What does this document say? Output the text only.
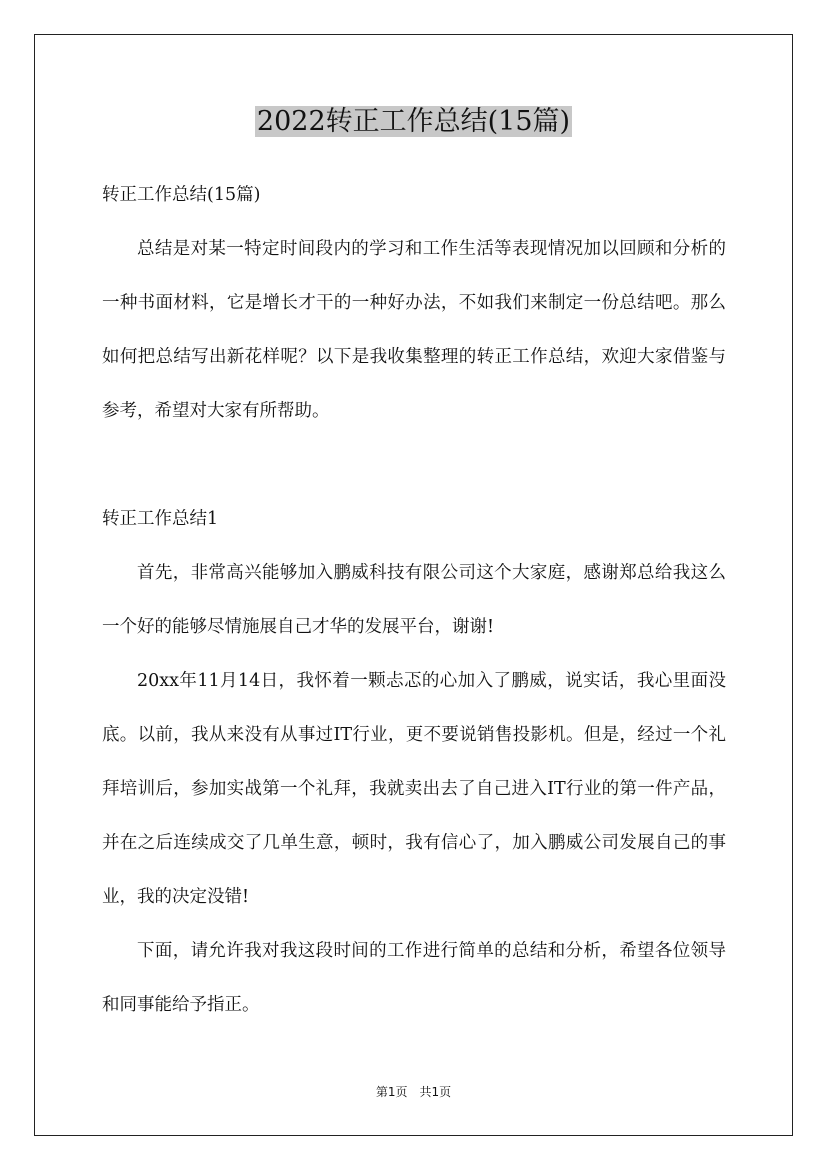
2022转正工作总结(15篇)

转正工作总结(15篇)

总结是对某一特定时间段内的学习和工作生活等表现情况加以回顾和分析的一种书面材料，它是增长才干的一种好办法，不如我们来制定一份总结吧。那么如何把总结写出新花样呢？以下是我收集整理的转正工作总结，欢迎大家借鉴与参考，希望对大家有所帮助。

转正工作总结1

首先，非常高兴能够加入鹏威科技有限公司这个大家庭，感谢郑总给我这么一个好的能够尽情施展自己才华的发展平台，谢谢!

20xx年11月14日，我怀着一颗忐忑的心加入了鹏威，说实话，我心里面没底。以前，我从来没有从事过IT行业，更不要说销售投影机。但是，经过一个礼拜培训后，参加实战第一个礼拜，我就卖出去了自己进入IT行业的第一件产品，并在之后连续成交了几单生意，顿时，我有信心了，加入鹏威公司发展自己的事业，我的决定没错!

下面，请允许我对我这段时间的工作进行简单的总结和分析，希望各位领导和同事能给予指正。

第1页 共1页
